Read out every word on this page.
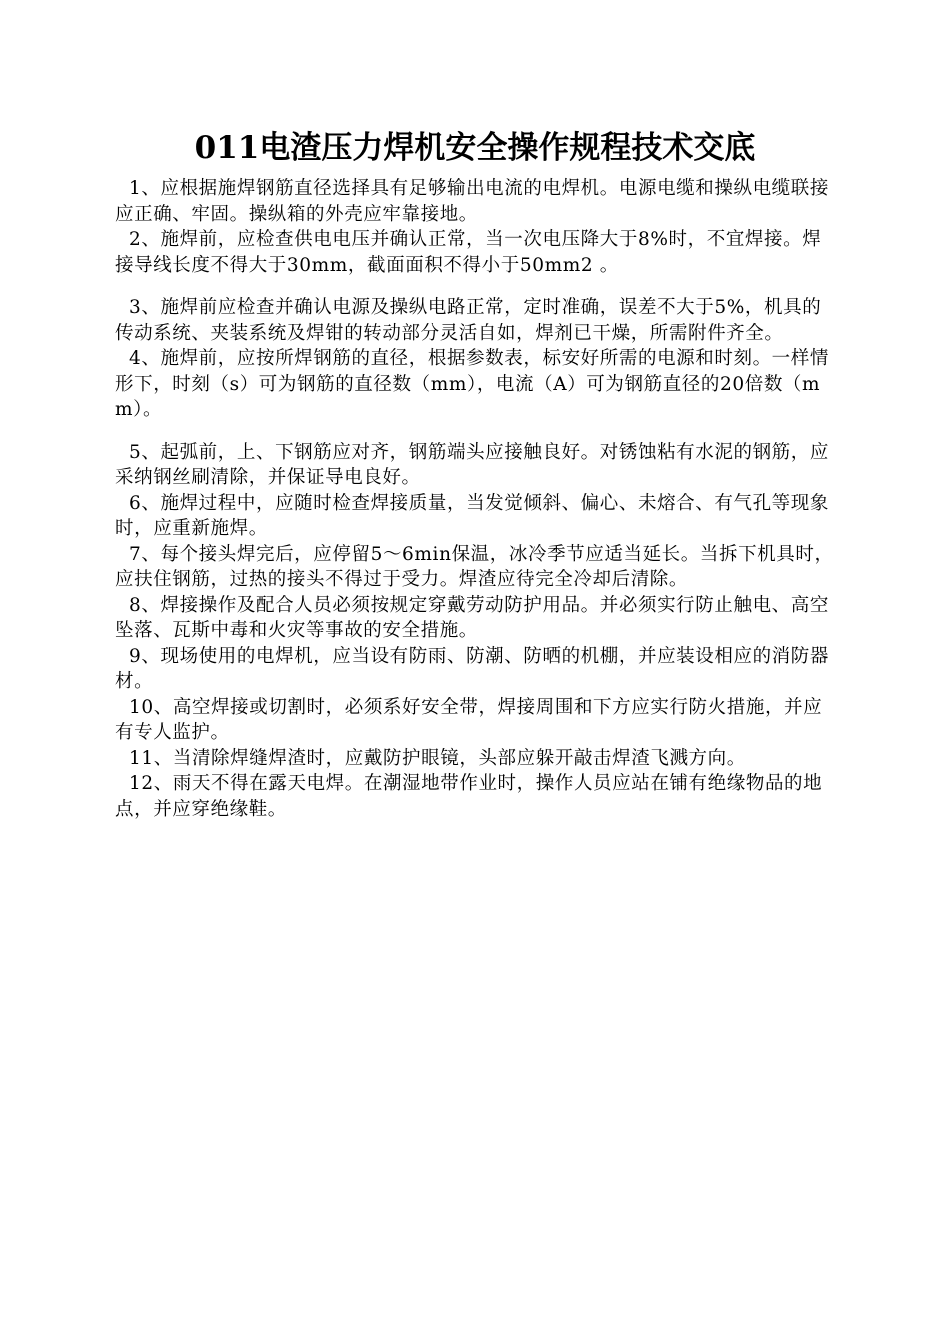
011电渣压力焊机安全操作规程技术交底

1、应根据施焊钢筋直径选择具有足够输出电流的电焊机。电源电缆和操纵电缆联接应正确、牢固。操纵箱的外壳应牢靠接地。

2、施焊前，应检查供电电压并确认正常，当一次电压降大于8%时，不宜焊接。焊接导线长度不得大于30mm，截面面积不得小于50mm2 。

3、施焊前应检查并确认电源及操纵电路正常，定时准确，误差不大于5%，机具的传动系统、夹装系统及焊钳的转动部分灵活自如，焊剂已干燥，所需附件齐全。

4、施焊前，应按所焊钢筋的直径，根据参数表，标安好所需的电源和时刻。一样情形下，时刻（s）可为钢筋的直径数（mm），电流（A）可为钢筋直径的20倍数（mm）。

5、起弧前，上、下钢筋应对齐，钢筋端头应接触良好。对锈蚀粘有水泥的钢筋，应采纳钢丝刷清除，并保证导电良好。

6、施焊过程中，应随时检查焊接质量，当发觉倾斜、偏心、未熔合、有气孔等现象时，应重新施焊。

7、每个接头焊完后，应停留5～6min保温，冰冷季节应适当延长。当拆下机具时，应扶住钢筋，过热的接头不得过于受力。焊渣应待完全冷却后清除。

8、焊接操作及配合人员必须按规定穿戴劳动防护用品。并必须实行防止触电、高空坠落、瓦斯中毒和火灾等事故的安全措施。

9、现场使用的电焊机，应当设有防雨、防潮、防晒的机棚，并应装设相应的消防器材。

10、高空焊接或切割时，必须系好安全带，焊接周围和下方应实行防火措施，并应有专人监护。

11、当清除焊缝焊渣时，应戴防护眼镜，头部应躲开敲击焊渣飞溅方向。

12、雨天不得在露天电焊。在潮湿地带作业时，操作人员应站在铺有绝缘物品的地点，并应穿绝缘鞋。
